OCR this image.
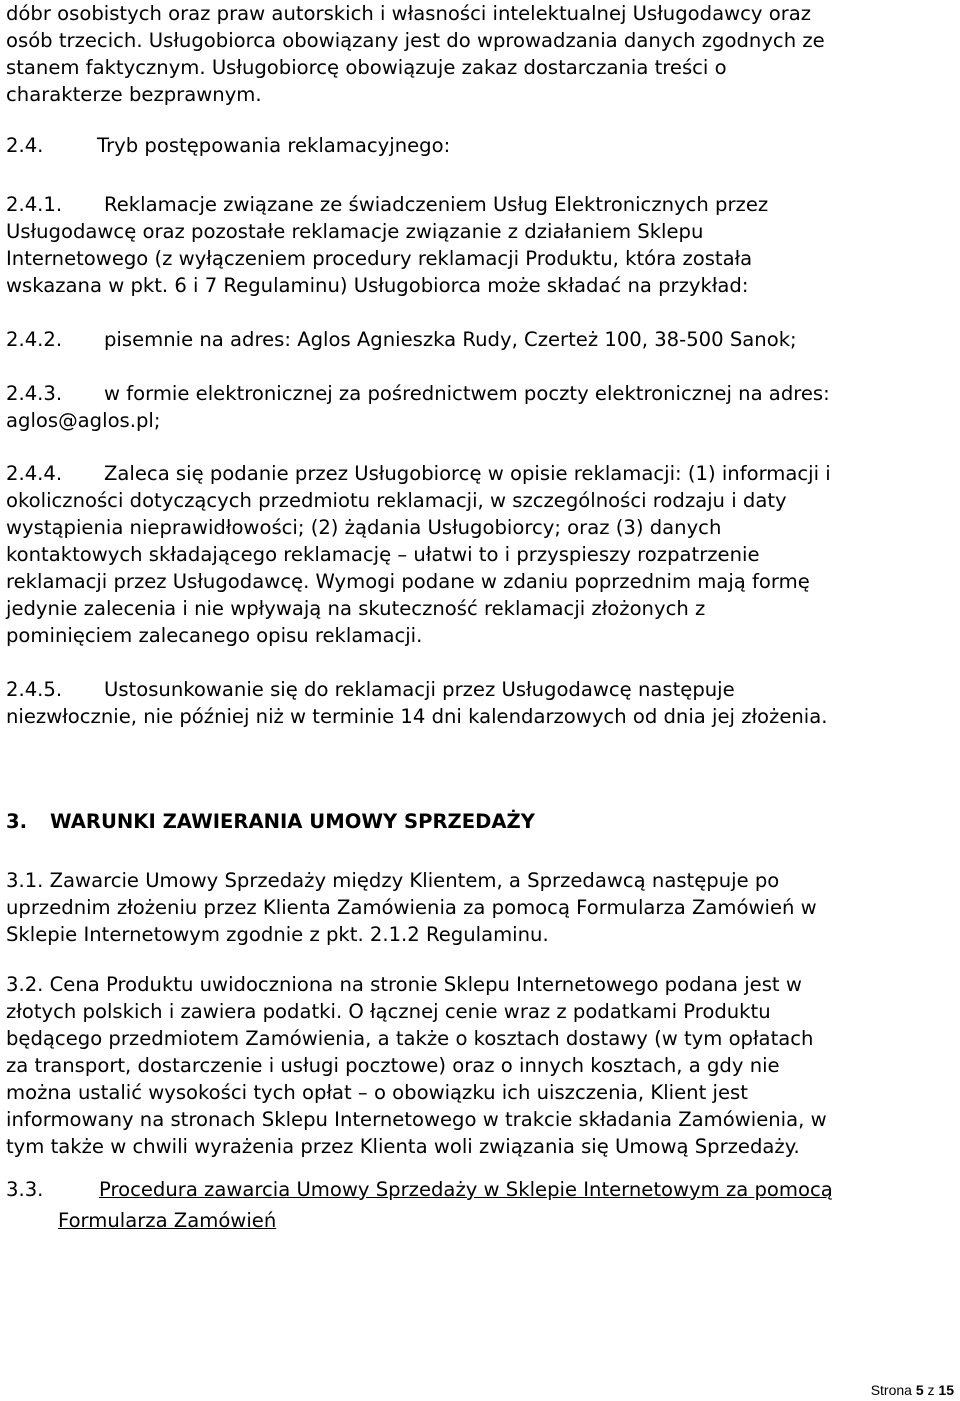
dóbr osobistych oraz praw autorskich i własności intelektualnej Usługodawcy oraz
osób trzecich. Usługobiorca obowiązany jest do wprowadzania danych zgodnych ze
stanem faktycznym. Usługobiorcę obowiązuje zakaz dostarczania treści o
charakterze bezprawnym.
2.4.	Tryb postępowania reklamacyjnego:
2.4.1. Reklamacje związane ze świadczeniem Usług Elektronicznych przez
Usługodawcę oraz pozostałe reklamacje związanie z działaniem Sklepu
Internetowego (z wyłączeniem procedury reklamacji Produktu, która została
wskazana w pkt. 6 i 7 Regulaminu) Usługobiorca może składać na przykład:
2.4.2. pisemnie na adres: Aglos Agnieszka Rudy, Czerteż 100, 38-500 Sanok;
2.4.3. w formie elektronicznej za pośrednictwem poczty elektronicznej na adres:
aglos@aglos.pl;
2.4.4. Zaleca się podanie przez Usługobiorcę w opisie reklamacji: (1) informacji i
okoliczności dotyczących przedmiotu reklamacji, w szczególności rodzaju i daty
wystąpienia nieprawidłowości; (2) żądania Usługobiorcy; oraz (3) danych
kontaktowych składającego reklamację – ułatwi to i przyspieszy rozpatrzenie
reklamacji przez Usługodawcę. Wymogi podane w zdaniu poprzednim mają formę
jedynie zalecenia i nie wpływają na skuteczność reklamacji złożonych z
pominięciem zalecanego opisu reklamacji.
2.4.5. Ustosunkowanie się do reklamacji przez Usługodawcę następuje
niezwłocznie, nie później niż w terminie 14 dni kalendarzowych od dnia jej złożenia.
3. WARUNKI ZAWIERANIA UMOWY SPRZEDAŻY
3.1. Zawarcie Umowy Sprzedaży między Klientem, a Sprzedawcą następuje po
uprzednim złożeniu przez Klienta Zamówienia za pomocą Formularza Zamówień w
Sklepie Internetowym zgodnie z pkt. 2.1.2 Regulaminu.
3.2. Cena Produktu uwidoczniona na stronie Sklepu Internetowego podana jest w
złotych polskich i zawiera podatki. O łącznej cenie wraz z podatkami Produktu
będącego przedmiotem Zamówienia, a także o kosztach dostawy (w tym opłatach
za transport, dostarczenie i usługi pocztowe) oraz o innych kosztach, a gdy nie
można ustalić wysokości tych opłat – o obowiązku ich uiszczenia, Klient jest
informowany na stronach Sklepu Internetowego w trakcie składania Zamówienia, w
tym także w chwili wyrażenia przez Klienta woli związania się Umową Sprzedaży.
3.3.	Procedura zawarcia Umowy Sprzedaży w Sklepie Internetowym za pomocą
Formularza Zamówień
Strona 5 z 15
